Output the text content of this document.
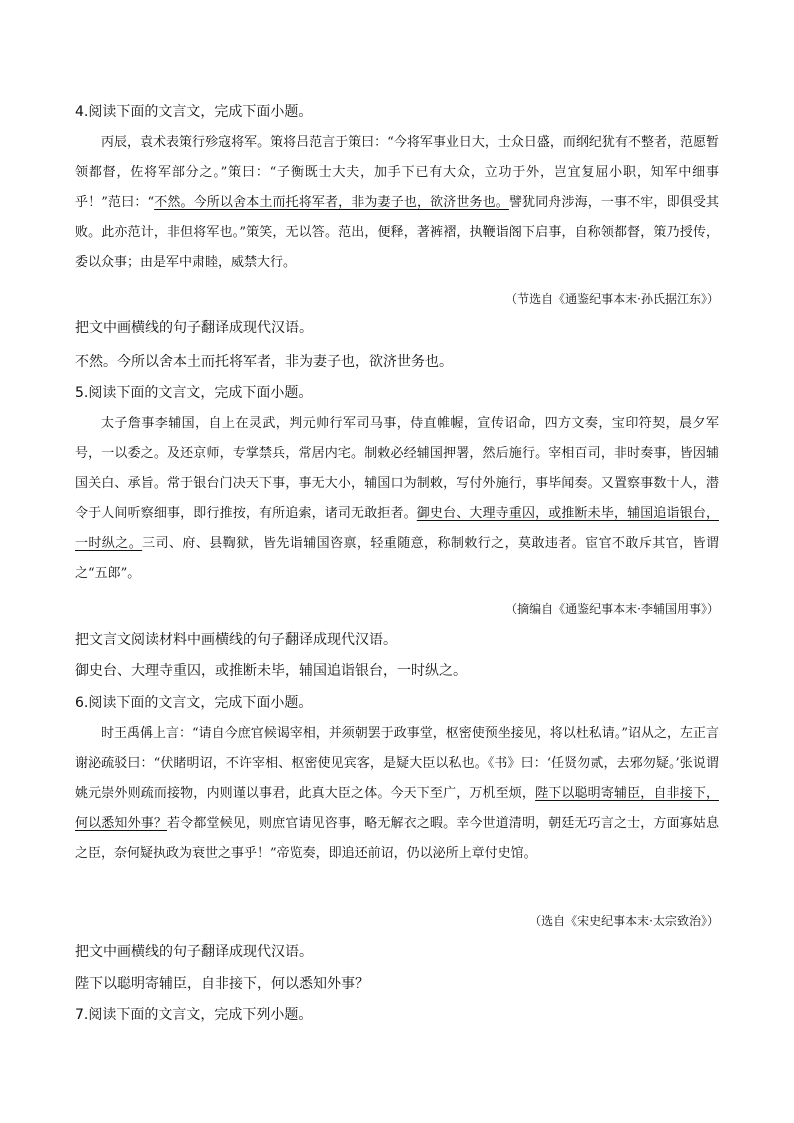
4.阅读下面的文言文，完成下面小题。

丙辰，袁术表策行殄寇将军。策将吕范言于策曰：“今将军事业日大，士众日盛，而纲纪犹有不整者，范愿暂领都督，佐将军部分之。”策曰：“子衡既士大夫，加手下已有大众，立功于外，岂宜复屈小职，知军中细事乎！”范曰：“不然。今所以舍本土而托将军者，非为妻子也，欲济世务也。譬犹同舟涉海，一事不牢，即俱受其败。此亦范计，非但将军也。”策笑，无以答。范出，便释，著裤褶，执鞭诣阁下启事，自称领都督，策乃授传，委以众事；由是军中肃睦，威禁大行。

（节选自《通鉴纪事本末·孙氏据江东》）
把文中画横线的句子翻译成现代汉语。
不然。今所以舍本土而托将军者，非为妻子也，欲济世务也。
5.阅读下面的文言文，完成下面小题。

太子詹事李辅国，自上在灵武，判元帅行军司马事，侍直帷幄，宣传诏命，四方文奏，宝印符契，晨夕军号，一以委之。及还京师，专掌禁兵，常居内宅。制敕必经辅国押署，然后施行。宰相百司，非时奏事，皆因辅国关白、承旨。常于银台门决天下事，事无大小，辅国口为制敕，写付外施行，事毕闻奏。又置察事数十人，潜令于人间听察细事，即行推按，有所追索，诸司无敢拒者。御史台、大理寺重囚，或推断未毕，辅国追诣银台，一时纵之。三司、府、县鞫狱，皆先诣辅国咨禀，轻重随意，称制敕行之，莫敢违者。宦官不敢斥其官，皆谓之“五郎”。

（摘编自《通鉴纪事本末·李辅国用事》）
把文言文阅读材料中画横线的句子翻译成现代汉语。
御史台、大理寺重囚，或推断未毕，辅国追诣银台，一时纵之。
6.阅读下面的文言文，完成下面小题。

时王禹偁上言：“请自今庶官候谒宰相，并须朝罢于政事堂，枢密使预坐接见，将以杜私请。”诏从之，左正言谢泌疏驳曰：“伏睹明诏，不许宰相、枢密使见宾客，是疑大臣以私也。《书》曰：‘任贤勿贰，去邪勿疑。’张说谓姚元崇外则疏而接物，内则谨以事君，此真大臣之体。今天下至广，万机至烦，陛下以聪明寄辅臣，自非接下，何以悉知外事？若令都堂候见，则庶官请见咨事，略无解衣之暇。幸今世道清明，朝廷无巧言之士，方面寡姑息之臣，奈何疑执政为衰世之事乎！”帝览奏，即追还前诏，仍以泌所上章付史馆。

（选自《宋史纪事本末·太宗致治》）
把文中画横线的句子翻译成现代汉语。
陛下以聪明寄辅臣，自非接下，何以悉知外事？
7.阅读下面的文言文，完成下列小题。
